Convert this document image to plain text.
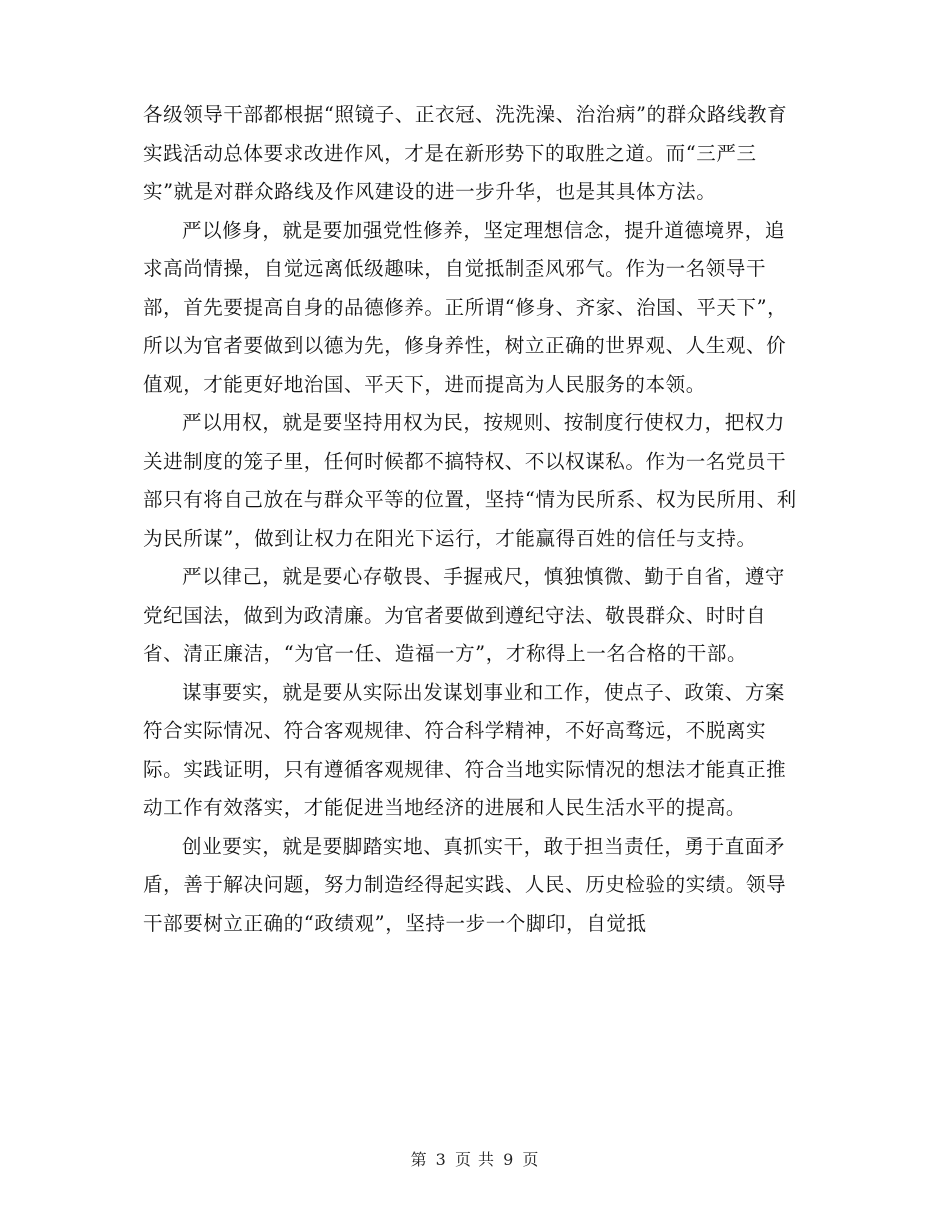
各级领导干部都根据“照镜子、正衣冠、洗洗澡、治治病”的群众路线教育实践活动总体要求改进作风，才是在新形势下的取胜之道。而“三严三实”就是对群众路线及作风建设的进一步升华，也是其具体方法。

严以修身，就是要加强党性修养，坚定理想信念，提升道德境界，追求高尚情操，自觉远离低级趣味，自觉抵制歪风邪气。作为一名领导干部，首先要提高自身的品德修养。正所谓“修身、齐家、治国、平天下”，所以为官者要做到以德为先，修身养性，树立正确的世界观、人生观、价值观，才能更好地治国、平天下，进而提高为人民服务的本领。

严以用权，就是要坚持用权为民，按规则、按制度行使权力，把权力关进制度的笼子里，任何时候都不搞特权、不以权谋私。作为一名党员干部只有将自己放在与群众平等的位置，坚持“情为民所系、权为民所用、利为民所谋”，做到让权力在阳光下运行，才能赢得百姓的信任与支持。

严以律己，就是要心存敬畏、手握戒尺，慎独慎微、勤于自省，遵守党纪国法，做到为政清廉。为官者要做到遵纪守法、敬畏群众、时时自省、清正廉洁，“为官一任、造福一方”，才称得上一名合格的干部。

谋事要实，就是要从实际出发谋划事业和工作，使点子、政策、方案符合实际情况、符合客观规律、符合科学精神，不好高骛远，不脱离实际。实践证明，只有遵循客观规律、符合当地实际情况的想法才能真正推动工作有效落实，才能促进当地经济的进展和人民生活水平的提高。

创业要实，就是要脚踏实地、真抓实干，敢于担当责任，勇于直面矛盾，善于解决问题，努力制造经得起实践、人民、历史检验的实绩。领导干部要树立正确的“政绩观”，坚持一步一个脚印，自觉抵

第 3 页 共 9 页
